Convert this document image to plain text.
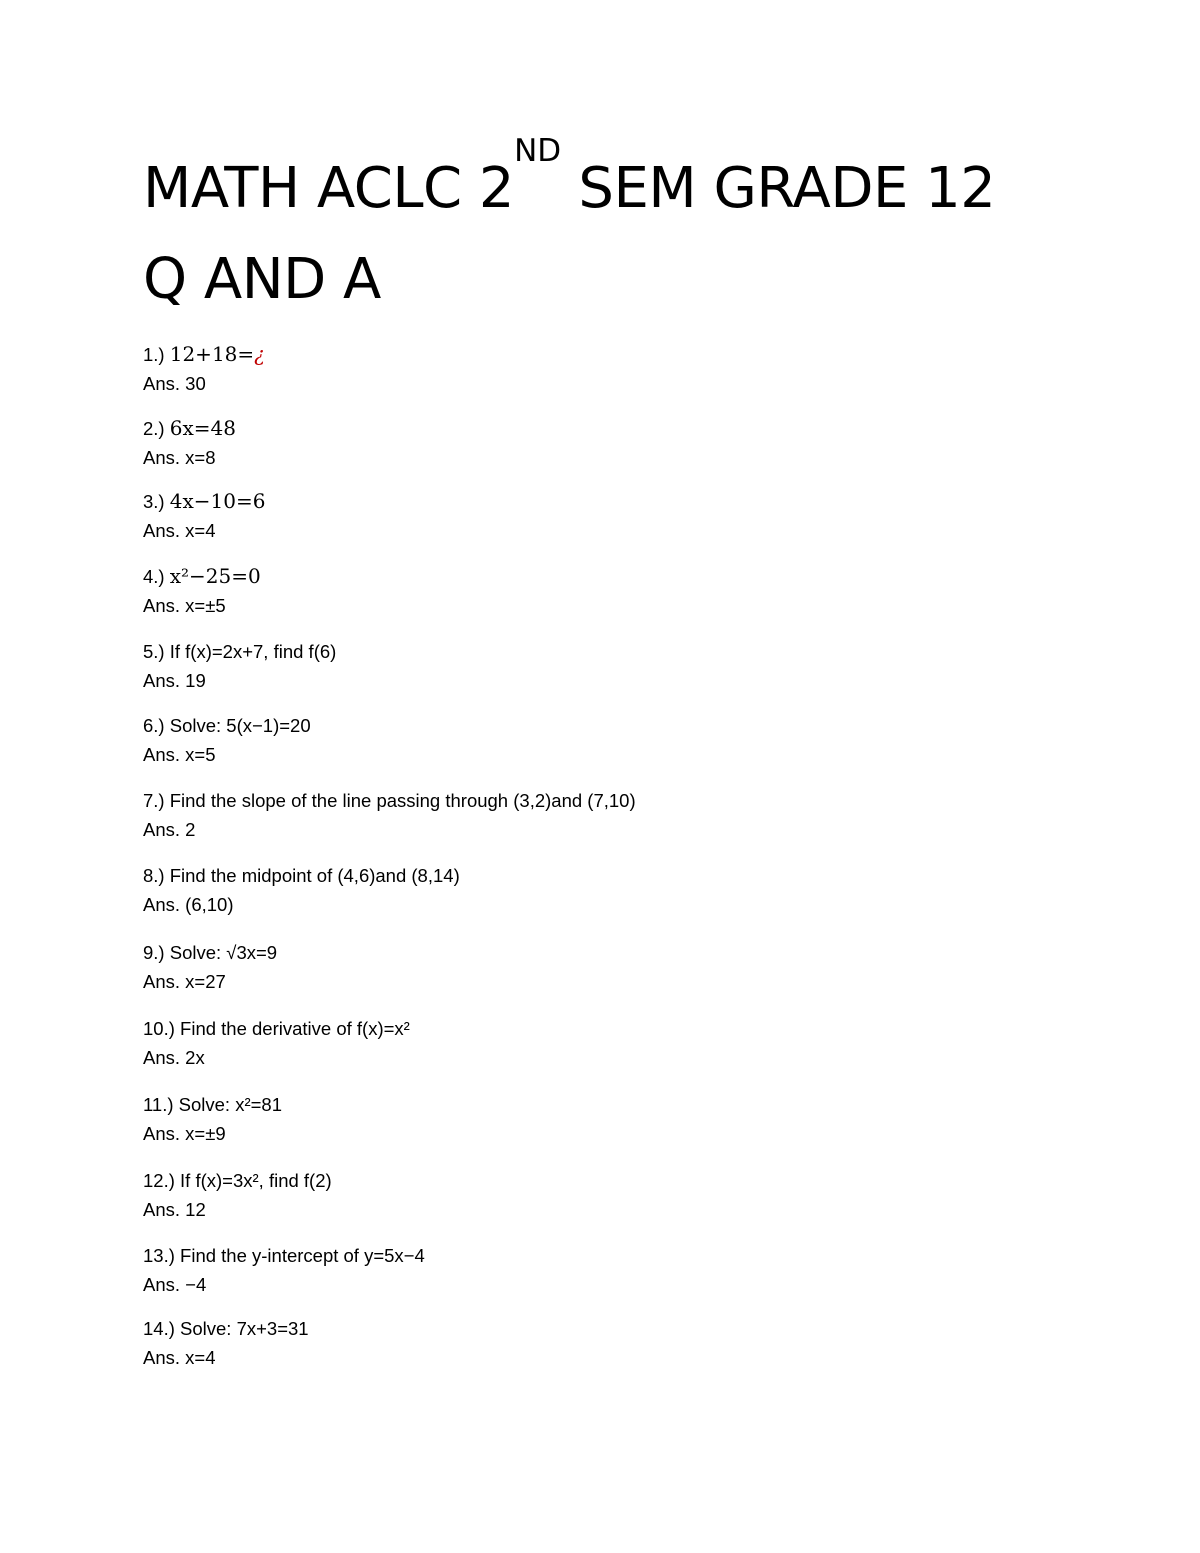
MATH ACLC 2ND SEM GRADE 12
Q AND A
1.) 12+18=¿
Ans. 30
2.) 6x=48
Ans. x=8
3.) 4x−10=6
Ans. x=4
4.) x²−25=0
Ans. x=±5
5.) If f(x)=2x+7, find f(6)
Ans. 19
6.) Solve: 5(x−1)=20
Ans. x=5
7.) Find the slope of the line passing through (3,2)and (7,10)
Ans. 2
8.) Find the midpoint of (4,6)and (8,14)
Ans. (6,10)
9.) Solve: √3x=9
Ans. x=27
10.) Find the derivative of f(x)=x²
Ans. 2x
11.) Solve: x²=81
Ans. x=±9
12.) If f(x)=3x², find f(2)
Ans. 12
13.) Find the y-intercept of y=5x−4
Ans. −4
14.) Solve: 7x+3=31
Ans. x=4
